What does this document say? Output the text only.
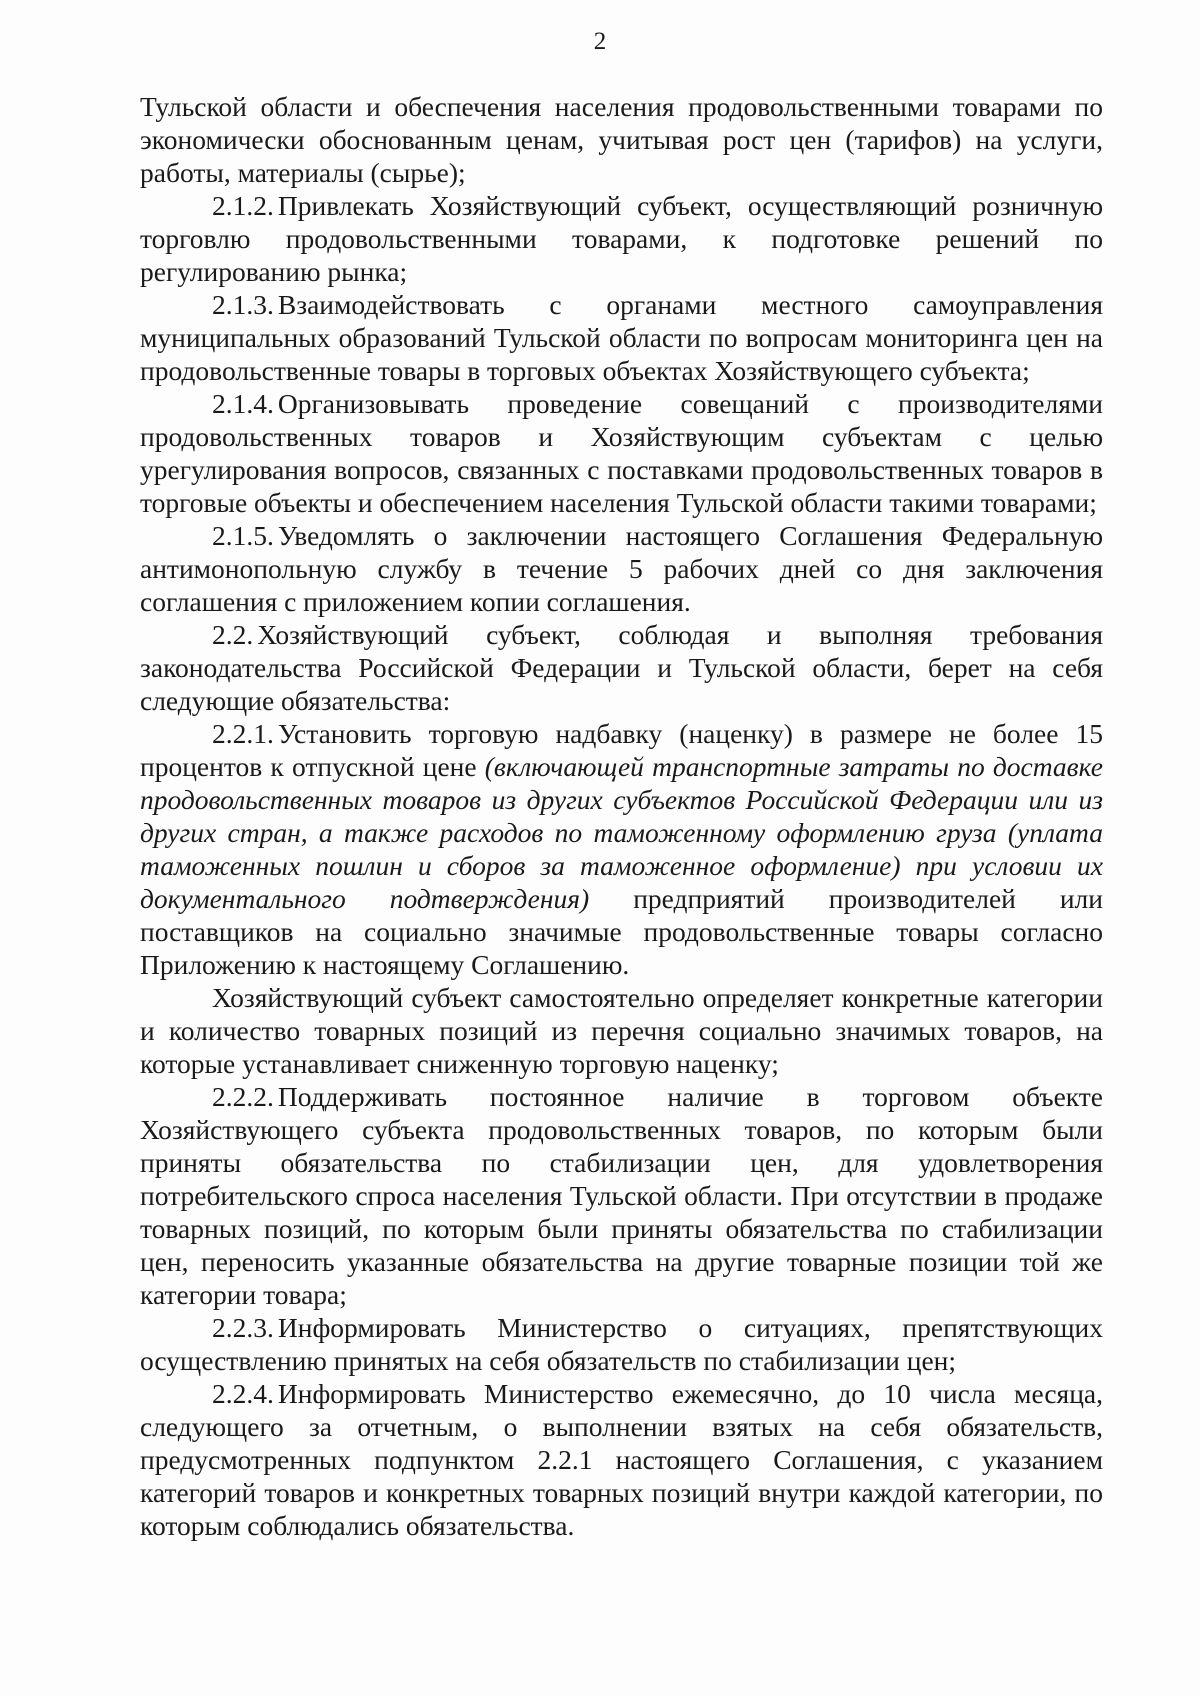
2

Тульской области и обеспечения населения продовольственными товарами по экономически обоснованным ценам, учитывая рост цен (тарифов) на услуги, работы, материалы (сырье);

2.1.2. Привлекать Хозяйствующий субъект, осуществляющий розничную торговлю продовольственными товарами, к подготовке решений по регулированию рынка;

2.1.3. Взаимодействовать с органами местного самоуправления муниципальных образований Тульской области по вопросам мониторинга цен на продовольственные товары в торговых объектах Хозяйствующего субъекта;

2.1.4. Организовывать проведение совещаний с производителями продовольственных товаров и Хозяйствующим субъектам с целью урегулирования вопросов, связанных с поставками продовольственных товаров в торговые объекты и обеспечением населения Тульской области такими товарами;

2.1.5. Уведомлять о заключении настоящего Соглашения Федеральную антимонопольную службу в течение 5 рабочих дней со дня заключения соглашения с приложением копии соглашения.

2.2. Хозяйствующий субъект, соблюдая и выполняя требования законодательства Российской Федерации и Тульской области, берет на себя следующие обязательства:

2.2.1. Установить торговую надбавку (наценку) в размере не более 15 процентов к отпускной цене (включающей транспортные затраты по доставке продовольственных товаров из других субъектов Российской Федерации или из других стран, а также расходов по таможенному оформлению груза (уплата таможенных пошлин и сборов за таможенное оформление) при условии их документального подтверждения) предприятий производителей или поставщиков на социально значимые продовольственные товары согласно Приложению к настоящему Соглашению.

Хозяйствующий субъект самостоятельно определяет конкретные категории и количество товарных позиций из перечня социально значимых товаров, на которые устанавливает сниженную торговую наценку;

2.2.2. Поддерживать постоянное наличие в торговом объекте Хозяйствующего субъекта продовольственных товаров, по которым были приняты обязательства по стабилизации цен, для удовлетворения потребительского спроса населения Тульской области. При отсутствии в продаже товарных позиций, по которым были приняты обязательства по стабилизации цен, переносить указанные обязательства на другие товарные позиции той же категории товара;

2.2.3. Информировать Министерство о ситуациях, препятствующих осуществлению принятых на себя обязательств по стабилизации цен;

2.2.4. Информировать Министерство ежемесячно, до 10 числа месяца, следующего за отчетным, о выполнении взятых на себя обязательств, предусмотренных подпунктом 2.2.1 настоящего Соглашения, с указанием категорий товаров и конкретных товарных позиций внутри каждой категории, по которым соблюдались обязательства.
